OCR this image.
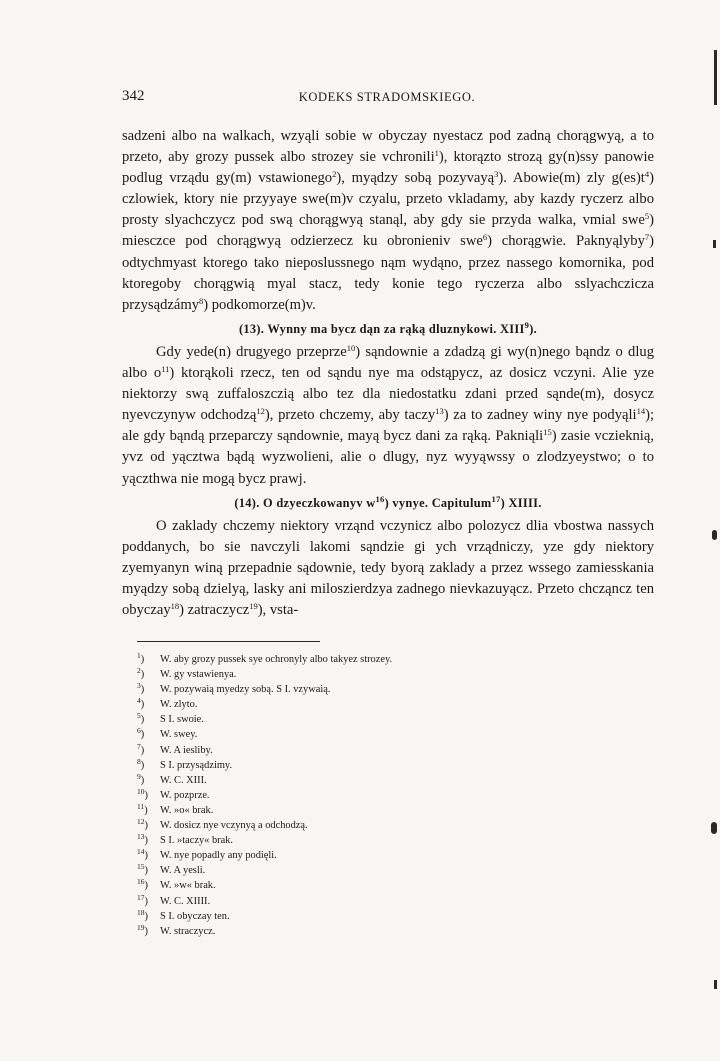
342	KODEKS STRADOMSKIEGO.

sadzeni albo na walkach, wzyąli sobie w obyczay nyestacz pod zadną chorągwyą, a to przeto, aby grozy pussek albo strozey sie vchronili$^1$), ktorązto strozą gy(n)ssy panowie podlug vrządu gy(m) vstawionego$^2$), myądzy sobą pozyvayą$^3$). Abowie(m) zly $g(es)t^4$) czlowiek, ktory nie przyyaye swe(m)v czyalu, przeto vkladamy, aby kazdy ryczerz albo prosty slyachczycz pod swą chorągwyą stanąl, aby gdy sie przyda walka, vmial swe$^5$) miesczce pod chorągwyą odzierzecz ku obronieniv swe$^6$) chorągwie. Paknyąlyby$^7$) odtychmyast ktorego tako nieposlussnego nąm wydąno, przez nassego komornika, pod ktoregoby chorągwią myal stacz, tedy konie tego ryczerza albo sslyachczicza przysądzámy$^8$) podkomorze(m)v.

(13). Wynny ma bycz dąn za rąką dluznykowi. XIII$^9$).

Gdy yede(n) drugyego przeprze$^{10}$) sąndownie a zdadzą gi wy(n)nego bąndz o dlug albo $o^{11}$) ktorąkoli rzecz, ten od sąndu nye ma odstąpycz, az dosicz vczyni. Alie yze niektorzy swą zuffaloszczią albo tez dla niedostatku zdani przed sąnde(m), dosycz nyevczynyw odchodzą$^{12}$), przeto chczemy, aby taczy$^{13}$) za to zadney winy nye podyąli$^{14}$); ale gdy bąndą przeparczy sąndownie, mayą bycz dani za rąką. Pakniąli$^{15}$) zasie vczieknią, yvz od yącztwa bądą wyzwolieni, alie o dlugy, nyz wyyąwssy o zlodzyeystwo; o to yączthwa nie mogą bycz prawj.

(14). O dzyeczkowanyv $w^{16}$) vynye. Capitulum$^{17}$) XIIII.

O zaklady chczemy niektory vrząnd vczynicz albo polozycz dlia vbostwa nassych poddanych, bo sie navczyli lakomi sąndzie gi ych vrządniczy, yze gdy niektory zyemyanyn winą przepadnie sądownie, tedy byorą zaklady a przez wssego zamiesskania myądzy sobą dzielyą, lasky ani miloszierdzya zadnego nievkazuyącz. Przeto chcząncz ten obyczay$^{18}$) zatraczycz$^{19}$), vsta-

$^1$) W. aby grozy pussek sye ochronyly albo takyez strozey.
$^2$) W. gy vstawienya.
$^3$) W. pozywaią myedzy sobą. S I. vzywaią.
$^4$) W. zlyto.
$^5$) S I. swoie.
$^6$) W. swey.
$^7$) W. A iesliby.
$^8$) S I. przysądzimy.
$^9$) W. C. XIII.
$^{10}$) W. pozprze.
$^{11}$) W. »o« brak.
$^{12}$) W. dosicz nye vczynyą a odchodzą.
$^{13}$) S I. »taczy« brak.
$^{14}$) W. nye popadly any podięli.
$^{15}$) W. A yesli.
$^{16}$) W. »w« brak.
$^{17}$) W. C. XIIII.
$^{18}$) S I. obyczay ten.
$^{19}$) W. straczycz.
